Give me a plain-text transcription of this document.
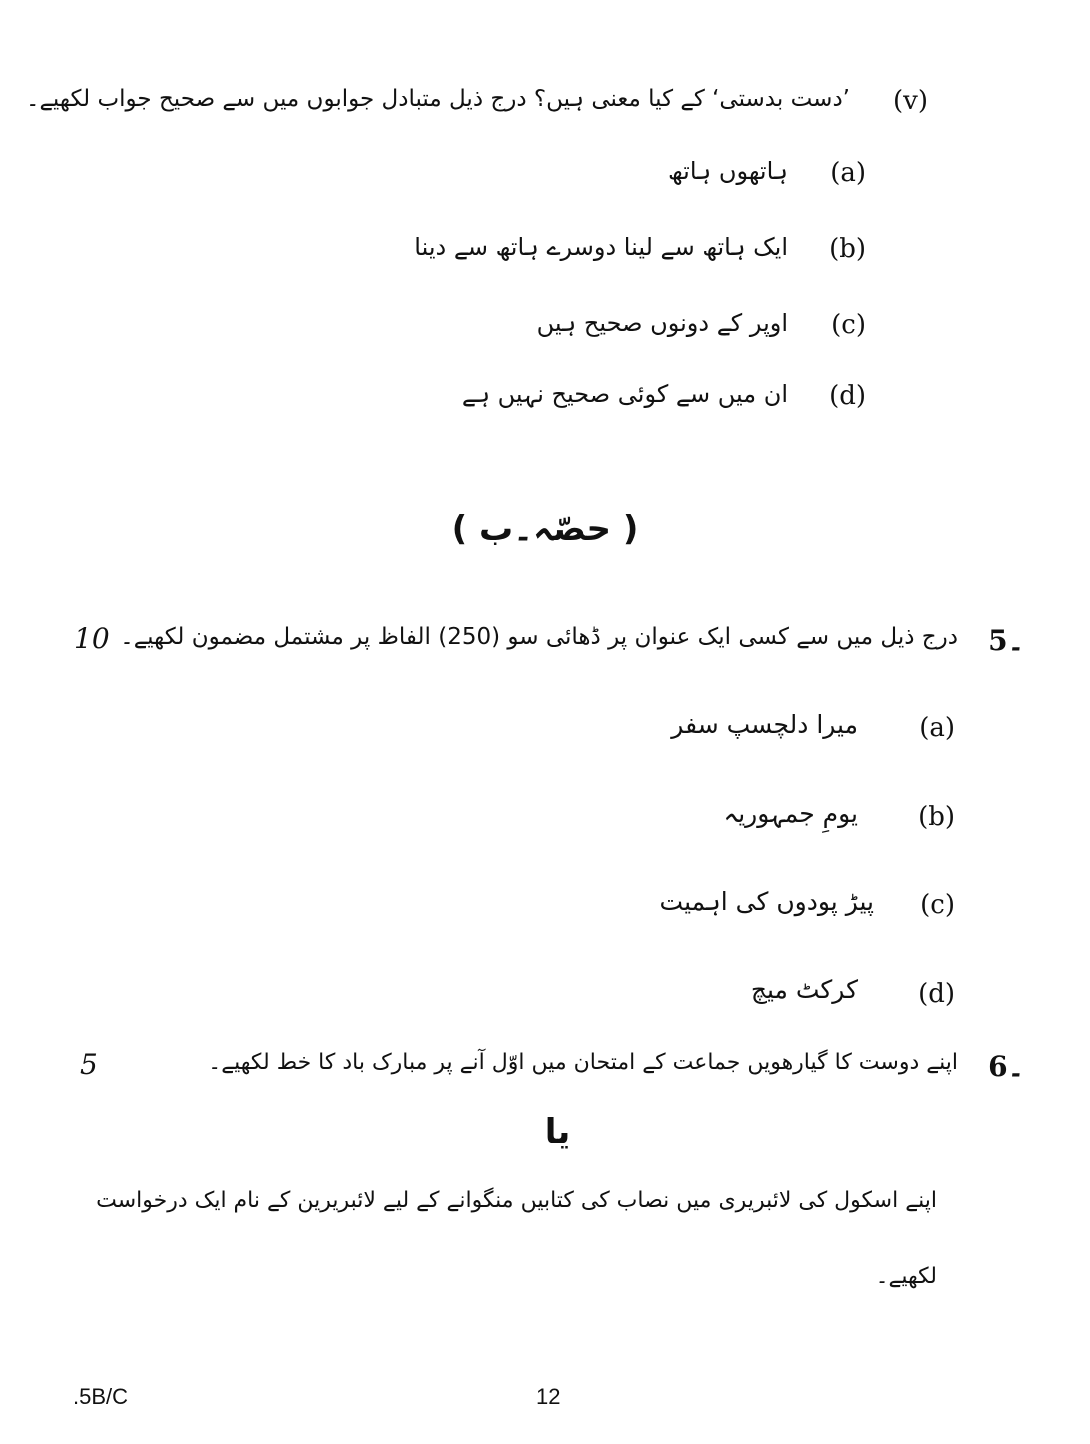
(v)
’دست بدستی‘ کے کیا معنی ہیں؟ درج ذیل متبادل جوابوں میں سے صحیح جواب لکھیے۔
(a)
ہاتھوں ہاتھ
(b)
ایک ہاتھ سے لینا دوسرے ہاتھ سے دینا
(c)
اوپر کے دونوں صحیح ہیں
(d)
ان میں سے کوئی صحیح نہیں ہے
( حصّہ۔ب )
5۔
درج ذیل میں سے کسی ایک عنوان پر ڈھائی سو (250) الفاظ پر مشتمل مضمون لکھیے۔
10
(a)
میرا دلچسپ سفر
(b)
یومِ جمہوریہ
(c)
پیڑ پودوں کی اہمیت
(d)
کرکٹ میچ
6۔
اپنے دوست کا گیارھویں جماعت کے امتحان میں اوّل آنے پر مبارک باد کا خط لکھیے۔
5
یا
اپنے اسکول کی لائبریری میں نصاب کی کتابیں منگوانے کے لیے لائبریرین کے نام ایک درخواست
لکھیے۔
.5B/C	12
